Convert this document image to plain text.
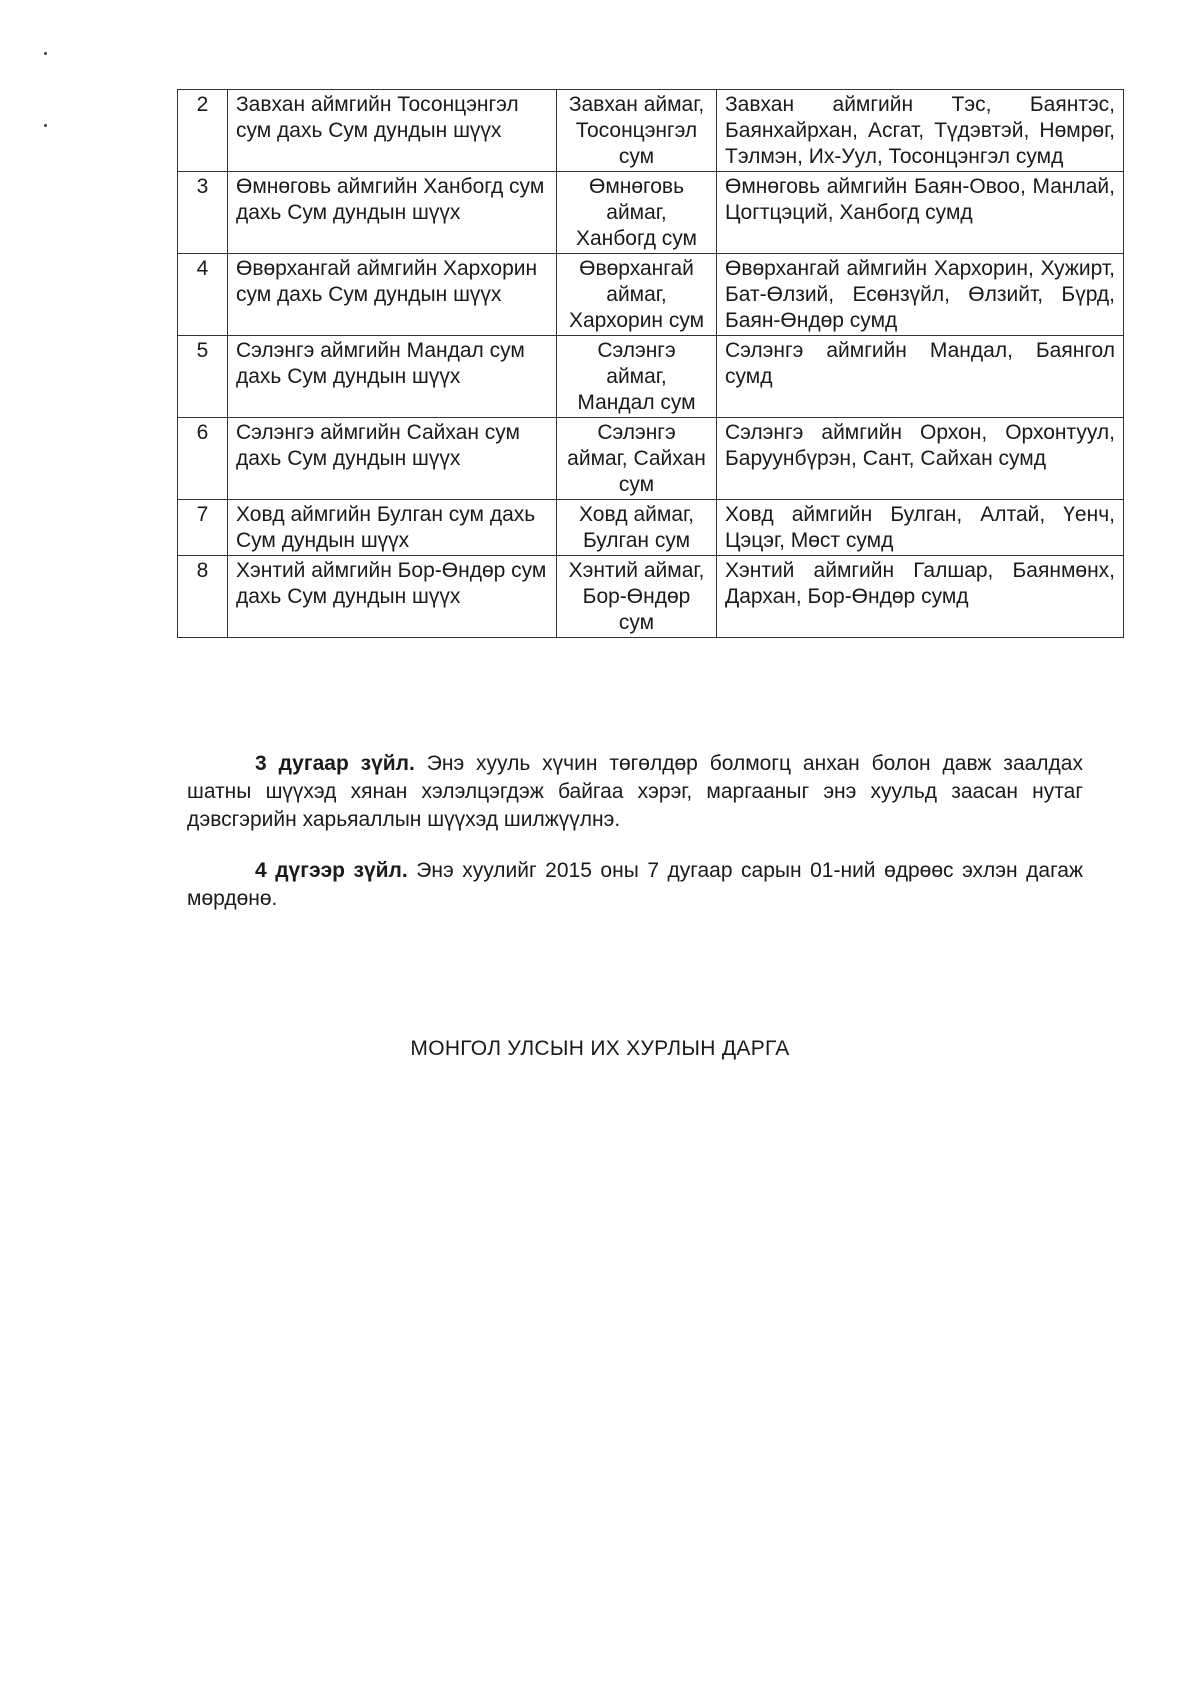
2	Завхан аймгийн Тосонцэнгэл сум дахь Сум дундын шүүх	Завхан аймаг, Тосонцэнгэл сум	Завхан аймгийн Тэс, Баянтэс, Баянхайрхан, Асгат, Түдэвтэй, Нөмрөг, Тэлмэн, Их-Уул, Тосонцэнгэл сумд
3	Өмнөговь аймгийн Ханбогд сум дахь Сум дундын шүүх	Өмнөговь аймаг, Ханбогд сум	Өмнөговь аймгийн Баян-Овоо, Манлай, Цогтцэций, Ханбогд сумд
4	Өвөрхангай аймгийн Хархорин сум дахь Сум дундын шүүх	Өвөрхангай аймаг, Хархорин сум	Өвөрхангай аймгийн Хархорин, Хужирт, Бат-Өлзий, Есөнзүйл, Өлзийт, Бүрд, Баян-Өндөр сумд
5	Сэлэнгэ аймгийн Мандал сум дахь Сум дундын шүүх	Сэлэнгэ аймаг, Мандал сум	Сэлэнгэ аймгийн Мандал, Баянгол сумд
6	Сэлэнгэ аймгийн Сайхан сум дахь Сум дундын шүүх	Сэлэнгэ аймаг, Сайхан сум	Сэлэнгэ аймгийн Орхон, Орхонтуул, Баруунбүрэн, Сант, Сайхан сумд
7	Ховд аймгийн Булган сум дахь Сум дундын шүүх	Ховд аймаг, Булган сум	Ховд аймгийн Булган, Алтай, Үенч, Цэцэг, Мөст сумд
8	Хэнтий аймгийн Бор-Өндөр сум дахь Сум дундын шүүх	Хэнтий аймаг, Бор-Өндөр сум	Хэнтий аймгийн Галшар, Баянмөнх, Дархан, Бор-Өндөр сумд

3 дугаар зүйл. Энэ хууль хүчин төгөлдөр болмогц анхан болон давж заалдах шатны шүүхэд хянан хэлэлцэгдэж байгаа хэрэг, маргааныг энэ хуульд заасан нутаг дэвсгэрийн харьяаллын шүүхэд шилжүүлнэ.

4 дүгээр зүйл. Энэ хуулийг 2015 оны 7 дугаар сарын 01-ний өдрөөс эхлэн дагаж мөрдөнө.

МОНГОЛ УЛСЫН ИХ ХУРЛЫН ДАРГА
